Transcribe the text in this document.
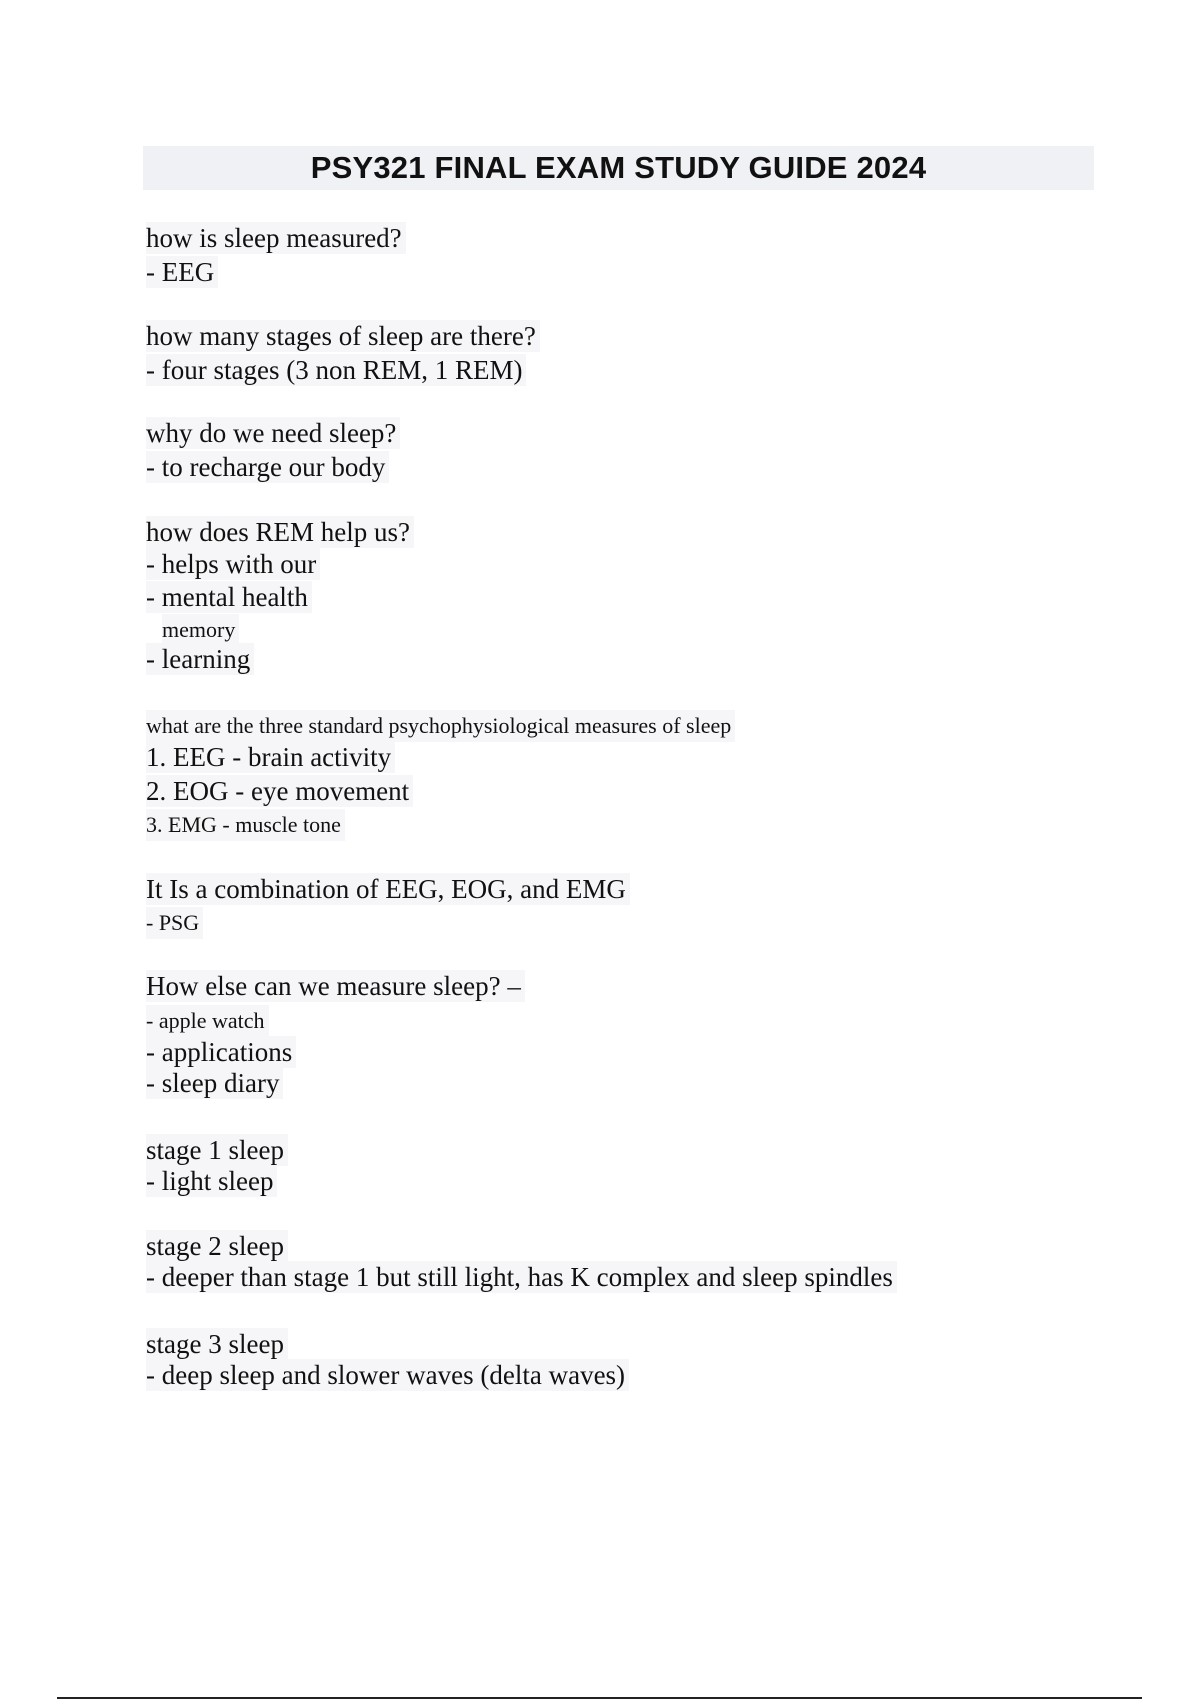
PSY321 FINAL EXAM STUDY GUIDE 2024
how is sleep measured?
- EEG
how many stages of sleep are there?
- four stages (3 non REM, 1 REM)
why do we need sleep?
- to recharge our body
how does REM help us?
- helps with our
- mental health
memory
- learning
what are the three standard psychophysiological measures of sleep
1. EEG - brain activity
2. EOG - eye movement
3. EMG - muscle tone
It Is a combination of EEG, EOG, and EMG
- PSG
How else can we measure sleep? –
- apple watch
- applications
- sleep diary
stage 1 sleep
- light sleep
stage 2 sleep
- deeper than stage 1 but still light, has K complex and sleep spindles
stage 3 sleep
- deep sleep and slower waves (delta waves)
